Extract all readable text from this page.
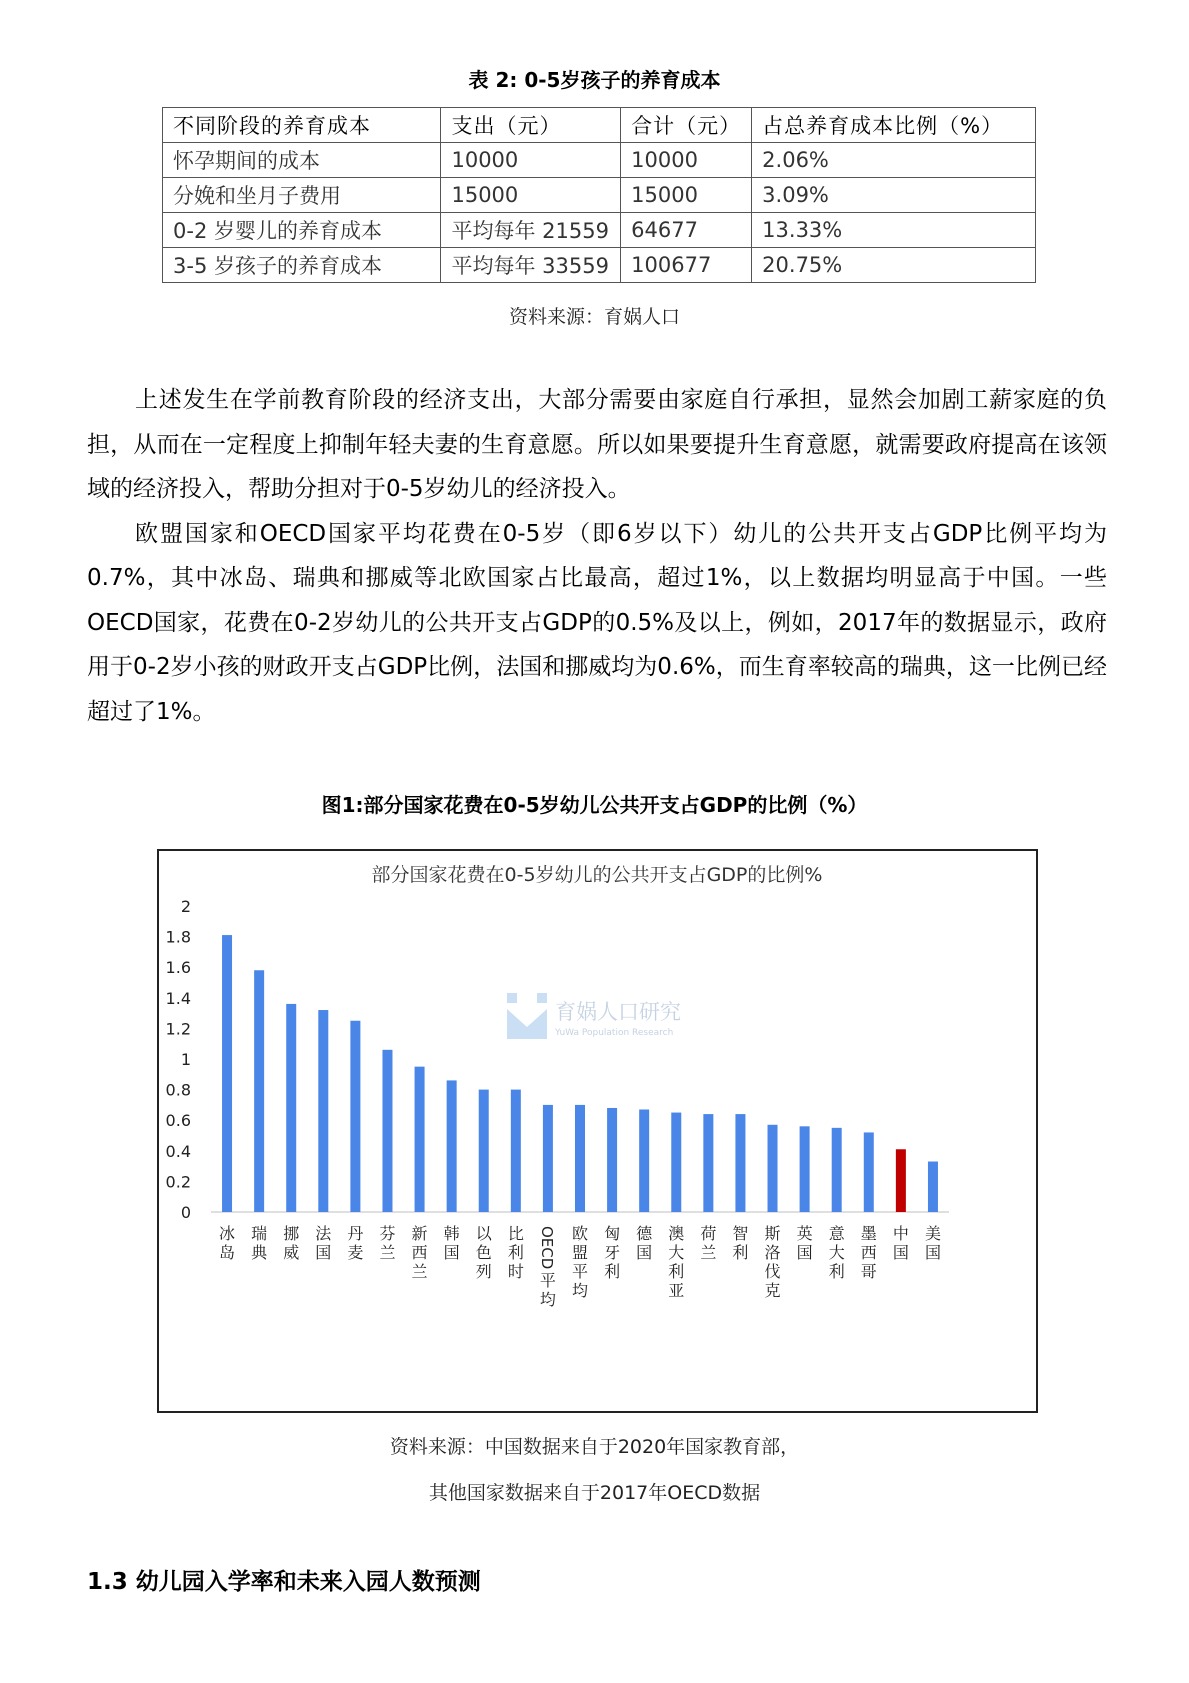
表 2: 0-5岁孩子的养育成本
不同阶段的养育成本	支出（元）	合计（元）	占总养育成本比例（%）
怀孕期间的成本	10000	10000	2.06%
分娩和坐月子费用	15000	15000	3.09%
0-2 岁婴儿的养育成本	平均每年 21559	64677	13.33%
3-5 岁孩子的养育成本	平均每年 33559	100677	20.75%
资料来源：育娲人口

上述发生在学前教育阶段的经济支出，大部分需要由家庭自行承担，显然会加剧工薪家庭的负担，从而在一定程度上抑制年轻夫妻的生育意愿。所以如果要提升生育意愿，就需要政府提高在该领域的经济投入，帮助分担对于0-5岁幼儿的经济投入。

欧盟国家和OECD国家平均花费在0-5岁（即6岁以下）幼儿的公共开支占GDP比例平均为0.7%，其中冰岛、瑞典和挪威等北欧国家占比最高，超过1%，以上数据均明显高于中国。一些OECD国家，花费在0-2岁幼儿的公共开支占GDP的0.5%及以上，例如，2017年的数据显示，政府用于0-2岁小孩的财政开支占GDP比例，法国和挪威均为0.6%，而生育率较高的瑞典，这一比例已经超过了1%。

图1:部分国家花费在0-5岁幼儿公共开支占GDP的比例（%）
部分国家花费在0-5岁幼儿的公共开支占GDP的比例%
育娲人口研究
YuWa Population Research
0
0.2
0.4
0.6
0.8
1
1.2
1.4
1.6
1.8
2
冰
岛
瑞
典
挪
威
法
国
丹
麦
芬
兰
新
西
兰
韩
国
以
色
列
比
利
时
OECD
平
均
欧
盟
平
均
匈
牙
利
德
国
澳
大
利
亚
荷
兰
智
利
斯
洛
伐
克
英
国
意
大
利
墨
西
哥
中
国
美
国
资料来源：中国数据来自于2020年国家教育部，
其他国家数据来自于2017年OECD数据
1.3 幼儿园入学率和未来入园人数预测
